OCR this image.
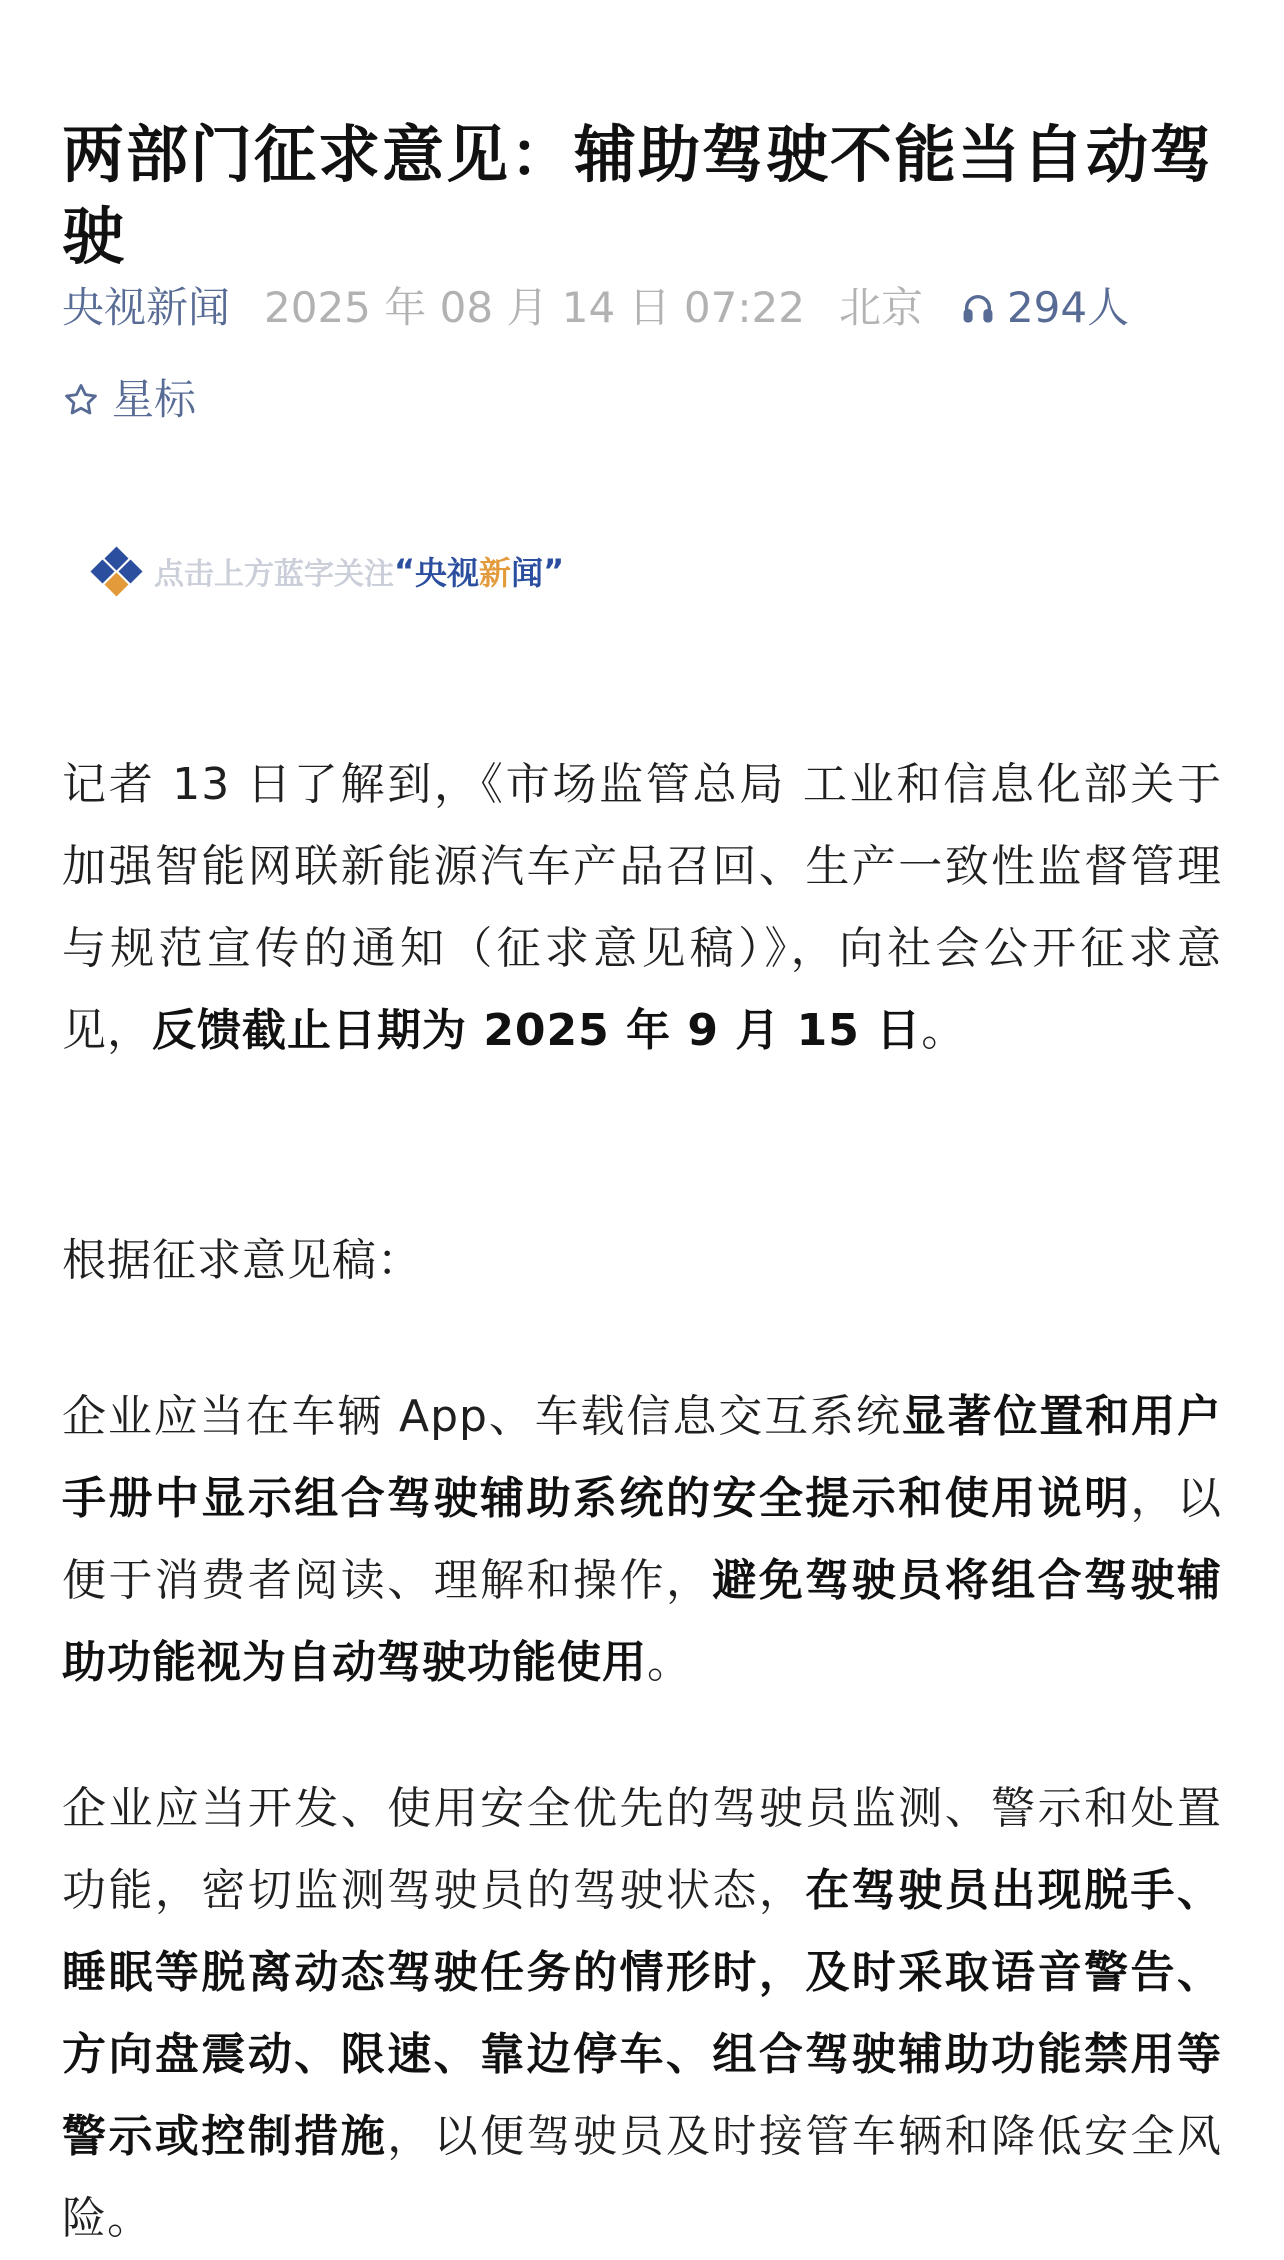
两部门征求意见：辅助驾驶不能当自动驾驶
央视新闻 2025 年 08 月 14 日 07:22 北京 294人
星标
点击上方蓝字关注 “ 央视 新 闻 ”

记者 13 日了解到，《市场监管总局 工业和信息化部关于加强智能网联新能源汽车产品召回、生产一致性监督管理与规范宣传的通知（征求意见稿）》，向社会公开征求意见，反馈截止日期为 2025 年 9 月 15 日。

根据征求意见稿：

企业应当在车辆 App、车载信息交互系统显著位置和用户手册中显示组合驾驶辅助系统的安全提示和使用说明，以便于消费者阅读、理解和操作，避免驾驶员将组合驾驶辅助功能视为自动驾驶功能使用。

企业应当开发、使用安全优先的驾驶员监测、警示和处置功能，密切监测驾驶员的驾驶状态，在驾驶员出现脱手、睡眠等脱离动态驾驶任务的情形时，及时采取语音警告、方向盘震动、限速、靠边停车、组合驾驶辅助功能禁用等警示或控制措施，以便驾驶员及时接管车辆和降低安全风险。
